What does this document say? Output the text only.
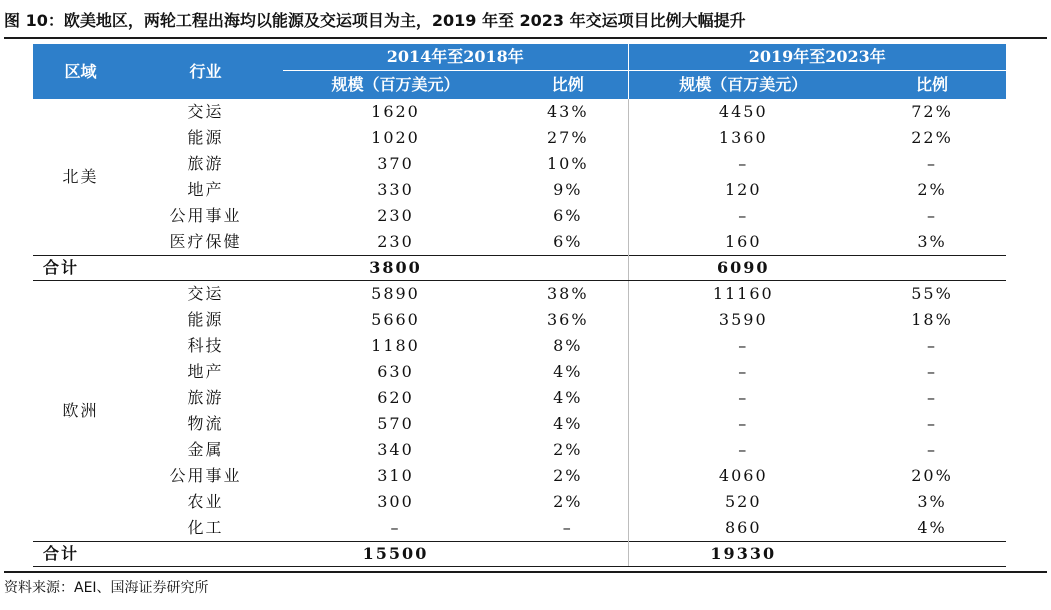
图 10：欧美地区，两轮工程出海均以能源及交运项目为主，2019 年至 2023 年交运项目比例大幅提升
区域	行业	2014年至2018年		2019年至2023年	
		规模（百万美元）	比例	规模（百万美元）	比例
北美	交运	1620	43%	4450	72%
	能源	1020	27%	1360	22%
	旅游	370	10%	–	–
	地产	330	9%	120	2%
	公用事业	230	6%	–	–
	医疗保健	230	6%	160	3%
合计		3800		6090	
欧洲	交运	5890	38%	11160	55%
	能源	5660	36%	3590	18%
	科技	1180	8%	–	–
	地产	630	4%	–	–
	旅游	620	4%	–	–
	物流	570	4%	–	–
	金属	340	2%	–	–
	公用事业	310	2%	4060	20%
	农业	300	2%	520	3%
	化工	–	–	860	4%
合计		15500		19330	
资料来源：AEI、国海证券研究所
